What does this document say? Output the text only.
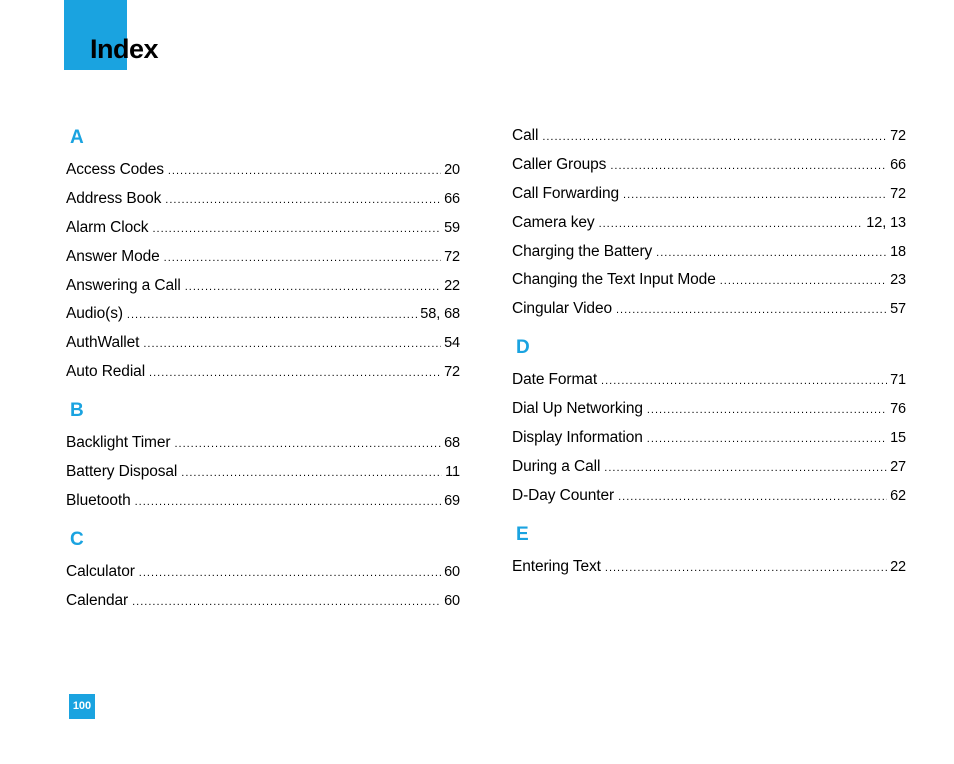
Index
A
Access Codes .....	20
Address Book .....	66
Alarm Clock .....	59
Answer Mode .....	72
Answering a Call .....	22
Audio(s) .....	58, 68
AuthWallet .....	54
Auto Redial .....	72
B
Backlight Timer .....	68
Battery Disposal .....	11
Bluetooth .....	69
C
Calculator .....	60
Calendar .....	60
Call .....	72
Caller Groups .....	66
Call Forwarding .....	72
Camera key .....	12, 13
Charging the Battery .....	18
Changing the Text Input Mode .....	23
Cingular Video .....	57
D
Date Format .....	71
Dial Up Networking .....	76
Display Information .....	15
During a Call .....	27
D-Day Counter .....	62
E
Entering Text .....	22
100
